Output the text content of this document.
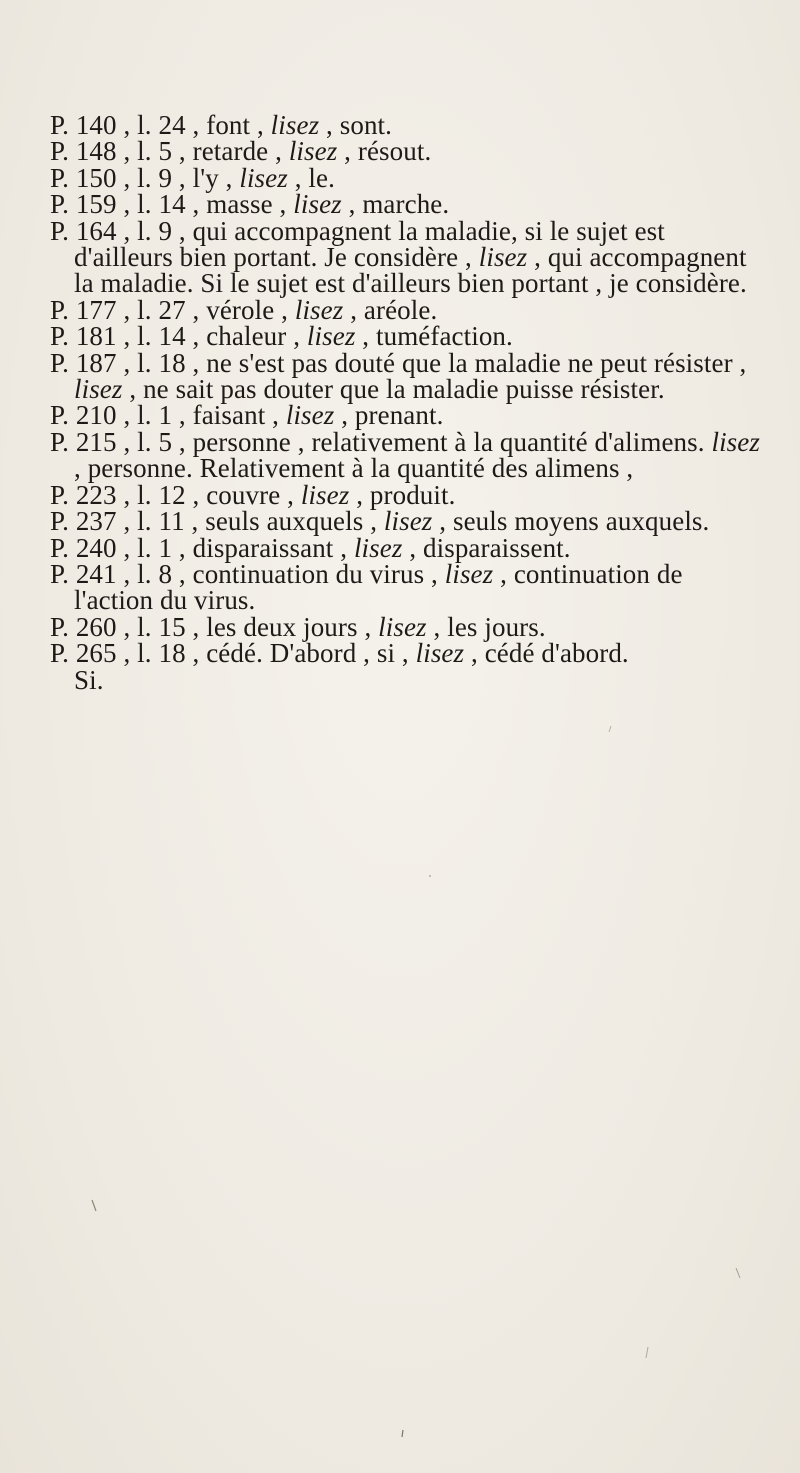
P. 140 , l. 24 , font , lisez , sont.

P. 148 , l. 5 , retarde , lisez , résout.

P. 150 , l. 9 , l'y , lisez , le.

P. 159 , l. 14 , masse , lisez , marche.

P. 164 , l. 9 , qui accompagnent la maladie, si le sujet est d'ailleurs bien portant. Je considère , lisez , qui accompagnent la maladie. Si le sujet est d'ailleurs bien portant , je considère.

P. 177 , l. 27 , vérole , lisez , aréole.

P. 181 , l. 14 , chaleur , lisez , tuméfaction.

P. 187 , l. 18 , ne s'est pas douté que la maladie ne peut résister , lisez , ne sait pas douter que la maladie puisse résister.

P. 210 , l. 1 , faisant , lisez , prenant.

P. 215 , l. 5 , personne , relativement à la quantité d'alimens. lisez , personne. Relativement à la quantité des alimens ,

P. 223 , l. 12 , couvre , lisez , produit.

P. 237 , l. 11 , seuls auxquels , lisez , seuls moyens auxquels.

P. 240 , l. 1 , disparaissant , lisez , disparaissent.

P. 241 , l. 8 , continuation du virus , lisez , continuation de l'action du virus.

P. 260 , l. 15 , les deux jours , lisez , les jours.

P. 265 , l. 18 , cédé. D'abord , si , lisez , cédé d'abord.
Si.
